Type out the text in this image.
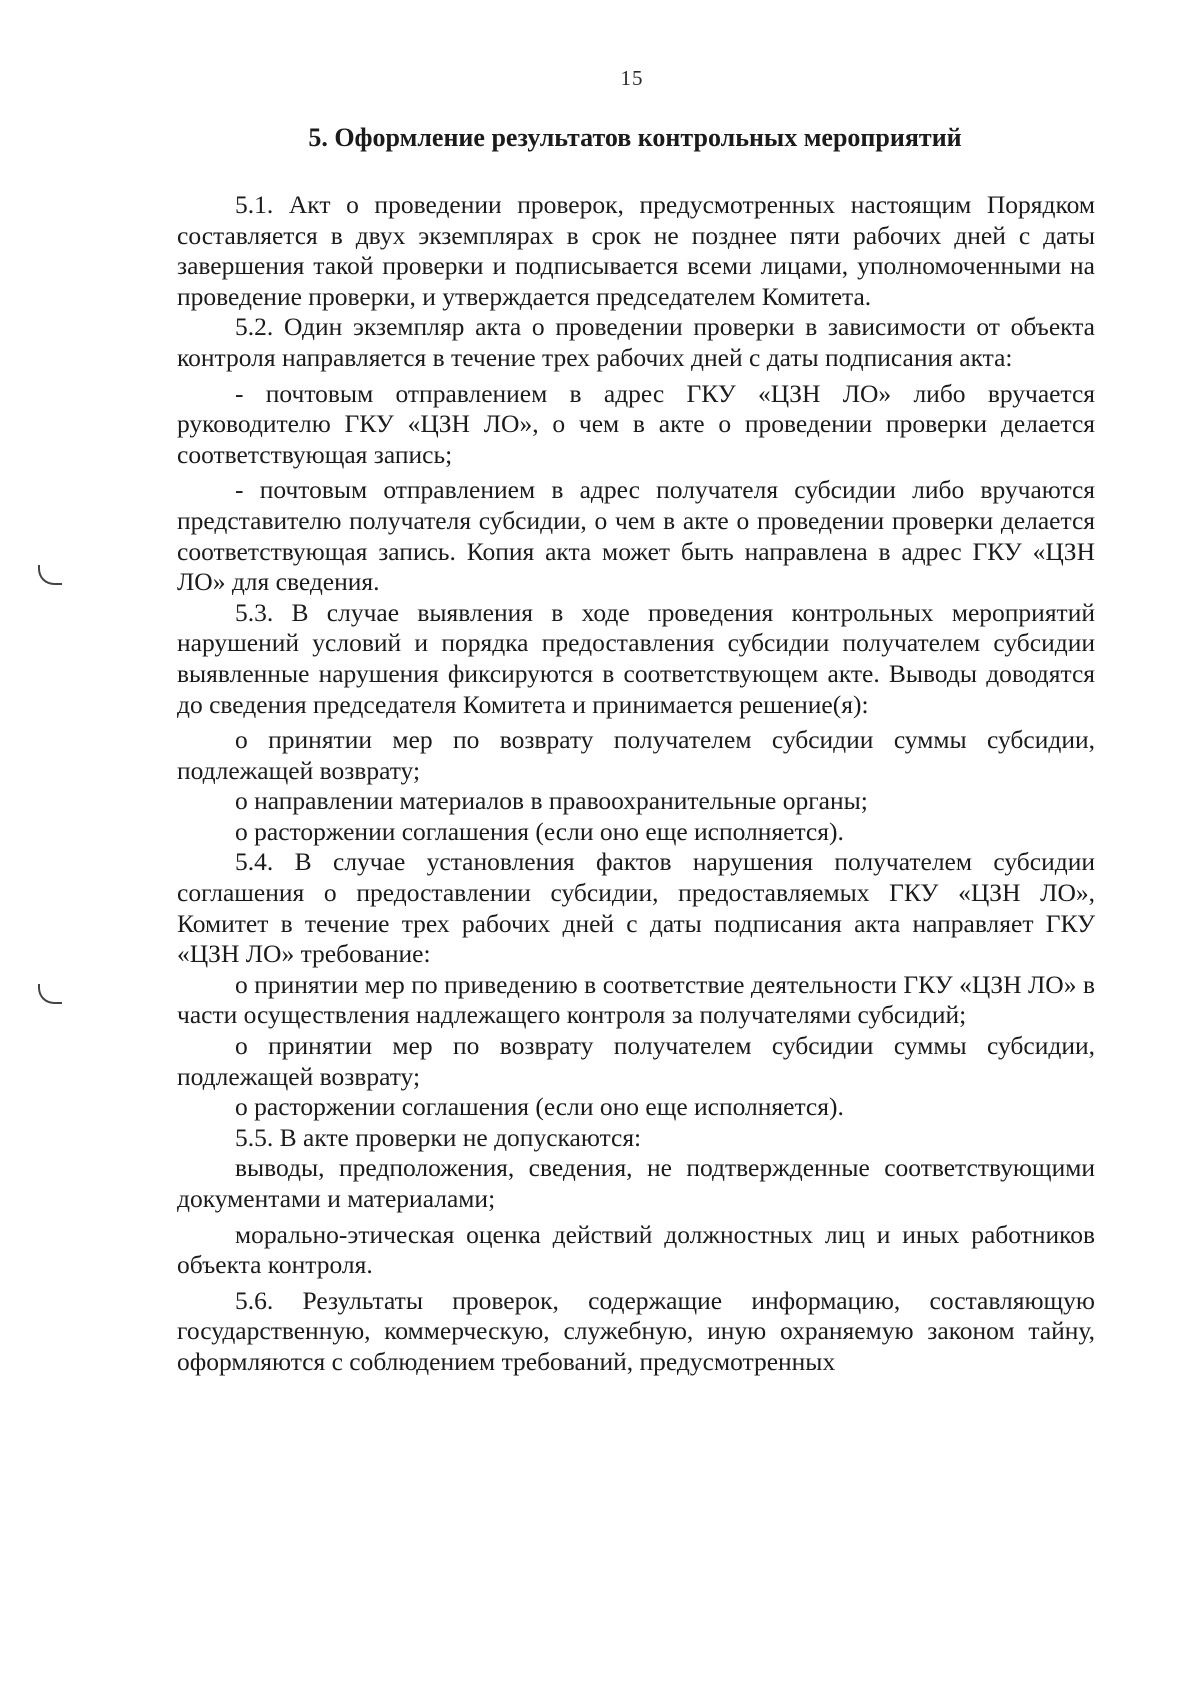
15
5. Оформление результатов контрольных мероприятий

5.1. Акт о проведении проверок, предусмотренных настоящим Порядком составляется в двух экземплярах в срок не позднее пяти рабочих дней с даты завершения такой проверки и подписывается всеми лицами, уполномоченными на проведение проверки, и утверждается председателем Комитета.

5.2. Один экземпляр акта о проведении проверки в зависимости от объекта контроля направляется в течение трех рабочих дней с даты подписания акта:

- почтовым отправлением в адрес ГКУ «ЦЗН ЛО» либо вручается руководителю ГКУ «ЦЗН ЛО», о чем в акте о проведении проверки делается соответствующая запись;

- почтовым отправлением в адрес получателя субсидии либо вручаются представителю получателя субсидии, о чем в акте о проведении проверки делается соответствующая запись. Копия акта может быть направлена в адрес ГКУ «ЦЗН ЛО» для сведения.

5.3. В случае выявления в ходе проведения контрольных мероприятий нарушений условий и порядка предоставления субсидии получателем субсидии выявленные нарушения фиксируются в соответствующем акте. Выводы доводятся до сведения председателя Комитета и принимается решение(я):

о принятии мер по возврату получателем субсидии суммы субсидии, подлежащей возврату;

о направлении материалов в правоохранительные органы;

о расторжении соглашения (если оно еще исполняется).

5.4. В случае установления фактов нарушения получателем субсидии соглашения о предоставлении субсидии, предоставляемых ГКУ «ЦЗН ЛО», Комитет в течение трех рабочих дней с даты подписания акта направляет ГКУ «ЦЗН ЛО» требование:

о принятии мер по приведению в соответствие деятельности ГКУ «ЦЗН ЛО» в части осуществления надлежащего контроля за получателями субсидий;

о принятии мер по возврату получателем субсидии суммы субсидии, подлежащей возврату;

о расторжении соглашения (если оно еще исполняется).

5.5. В акте проверки не допускаются:

выводы, предположения, сведения, не подтвержденные соответствующими документами и материалами;

морально-этическая оценка действий должностных лиц и иных работников объекта контроля.

5.6. Результаты проверок, содержащие информацию, составляющую государственную, коммерческую, служебную, иную охраняемую законом тайну, оформляются с соблюдением требований, предусмотренных
